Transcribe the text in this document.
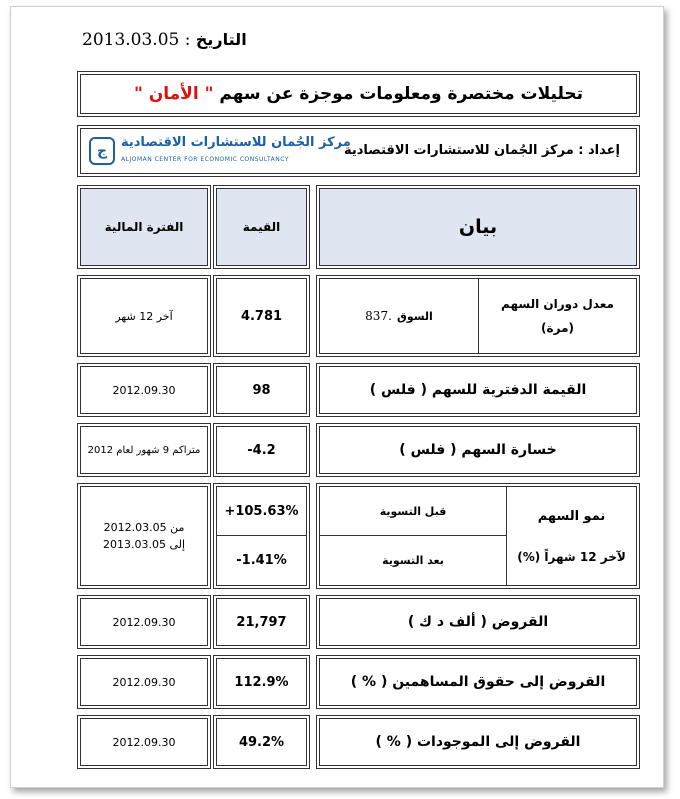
التاريخ : 2013.03.05
تحليلات مختصرة ومعلومات موجزة عن سهم

" الأمان "
إعداد : مركز الجُمان للاستشارات الاقتصادية
ج
مركز الجُمان للاستشارات الاقتصادية
ALJOMAN CENTER FOR ECONOMIC CONSULTANCY
بيان
القيمة
الفترة المالية
معدل دوران السهم
(مرة)
السوق

.837
4.781
آخر 12 شهر
القيمة الدفترية للسهم ( فلس )
98
2012.09.30
خسارة السهم ( فلس )
-4.2
متراكم 9 شهور لعام 2012
نمو السهم
لآخر 12 شهراً (%)
قبل التسوية
بعد التسوية
+105.63%
-1.41%
من 2012.03.05
إلى 2013.03.05
القروض ( ألف د ك )
21,797
2012.09.30
القروض إلى حقوق المساهمين ( % )
112.9%
2012.09.30
القروض إلى الموجودات ( % )
49.2%
2012.09.30
